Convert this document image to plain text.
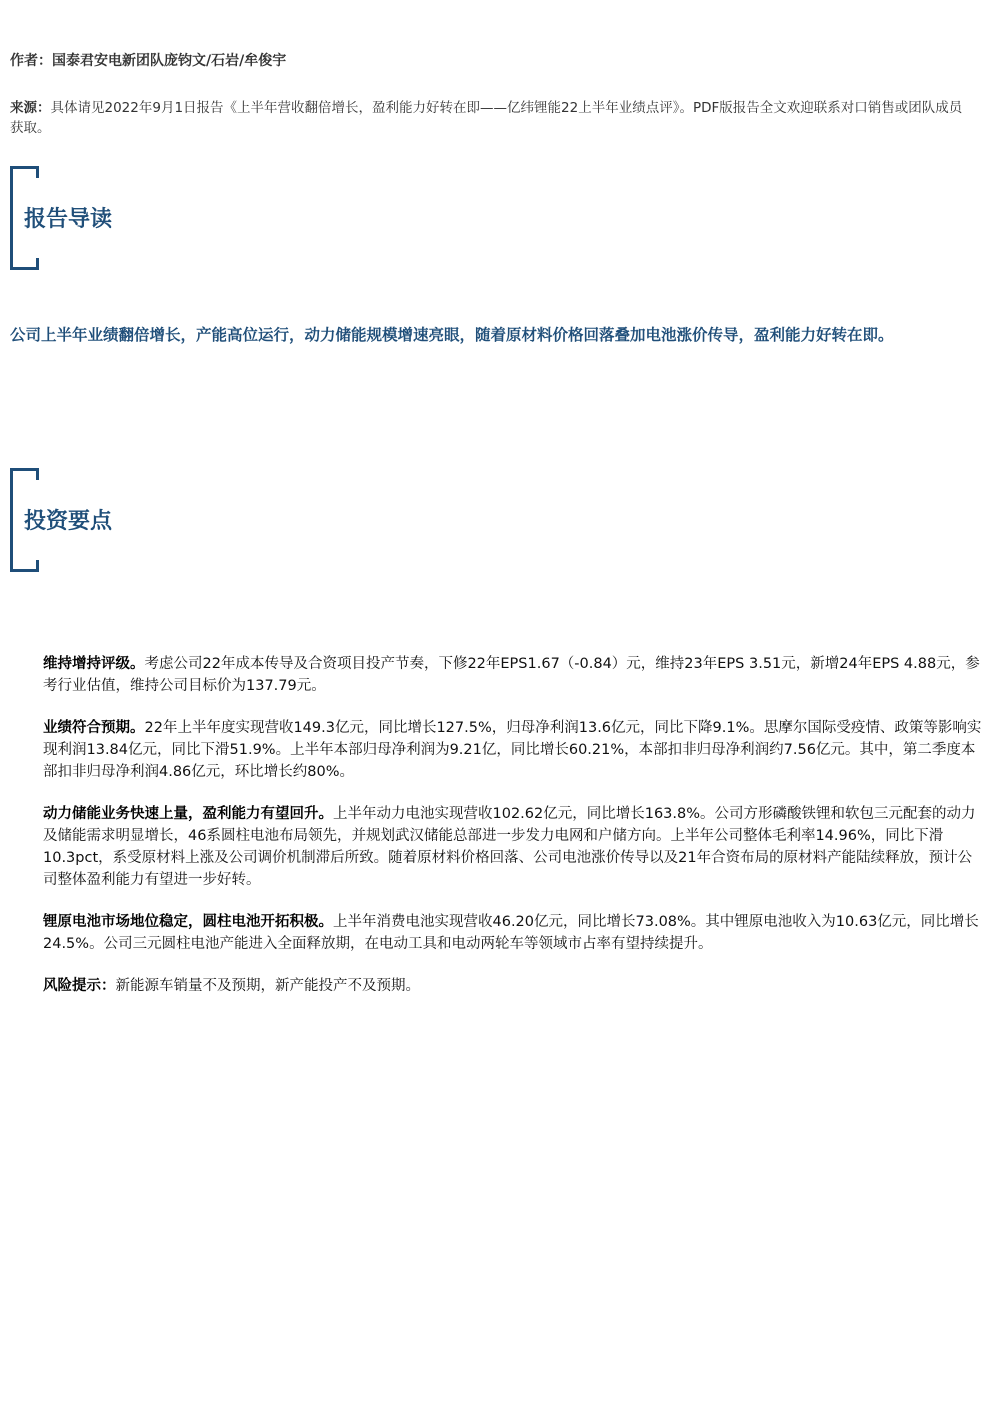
作者：国泰君安电新团队庞钧文/石岩/牟俊宇
来源：具体请见2022年9月1日报告《上半年营收翻倍增长，盈利能力好转在即——亿纬锂能22上半年业绩点评》。PDF版报告全文欢迎联系对口销售或团队成员获取。
报告导读
公司上半年业绩翻倍增长，产能高位运行，动力储能规模增速亮眼，随着原材料价格回落叠加电池涨价传导，盈利能力好转在即。
投资要点

维持增持评级。考虑公司22年成本传导及合资项目投产节奏，下修22年EPS1.67（-0.84）元，维持23年EPS 3.51元，新增24年EPS 4.88元，参考行业估值，维持公司目标价为137.79元。

业绩符合预期。22年上半年度实现营收149.3亿元，同比增长127.5%，归母净利润13.6亿元，同比下降9.1%。思摩尔国际受疫情、政策等影响实现利润13.84亿元，同比下滑51.9%。上半年本部归母净利润为9.21亿，同比增长60.21%，本部扣非归母净利润约7.56亿元。其中，第二季度本部扣非归母净利润4.86亿元，环比增长约80%。

动力储能业务快速上量，盈利能力有望回升。上半年动力电池实现营收102.62亿元，同比增长163.8%。公司方形磷酸铁锂和软包三元配套的动力及储能需求明显增长，46系圆柱电池布局领先，并规划武汉储能总部进一步发力电网和户储方向。上半年公司整体毛利率14.96%，同比下滑10.3pct，系受原材料上涨及公司调价机制滞后所致。随着原材料价格回落、公司电池涨价传导以及21年合资布局的原材料产能陆续释放，预计公司整体盈利能力有望进一步好转。

锂原电池市场地位稳定，圆柱电池开拓积极。上半年消费电池实现营收46.20亿元，同比增长73.08%。其中锂原电池收入为10.63亿元，同比增长24.5%。公司三元圆柱电池产能进入全面释放期，在电动工具和电动两轮车等领域市占率有望持续提升。

风险提示：新能源车销量不及预期，新产能投产不及预期。
